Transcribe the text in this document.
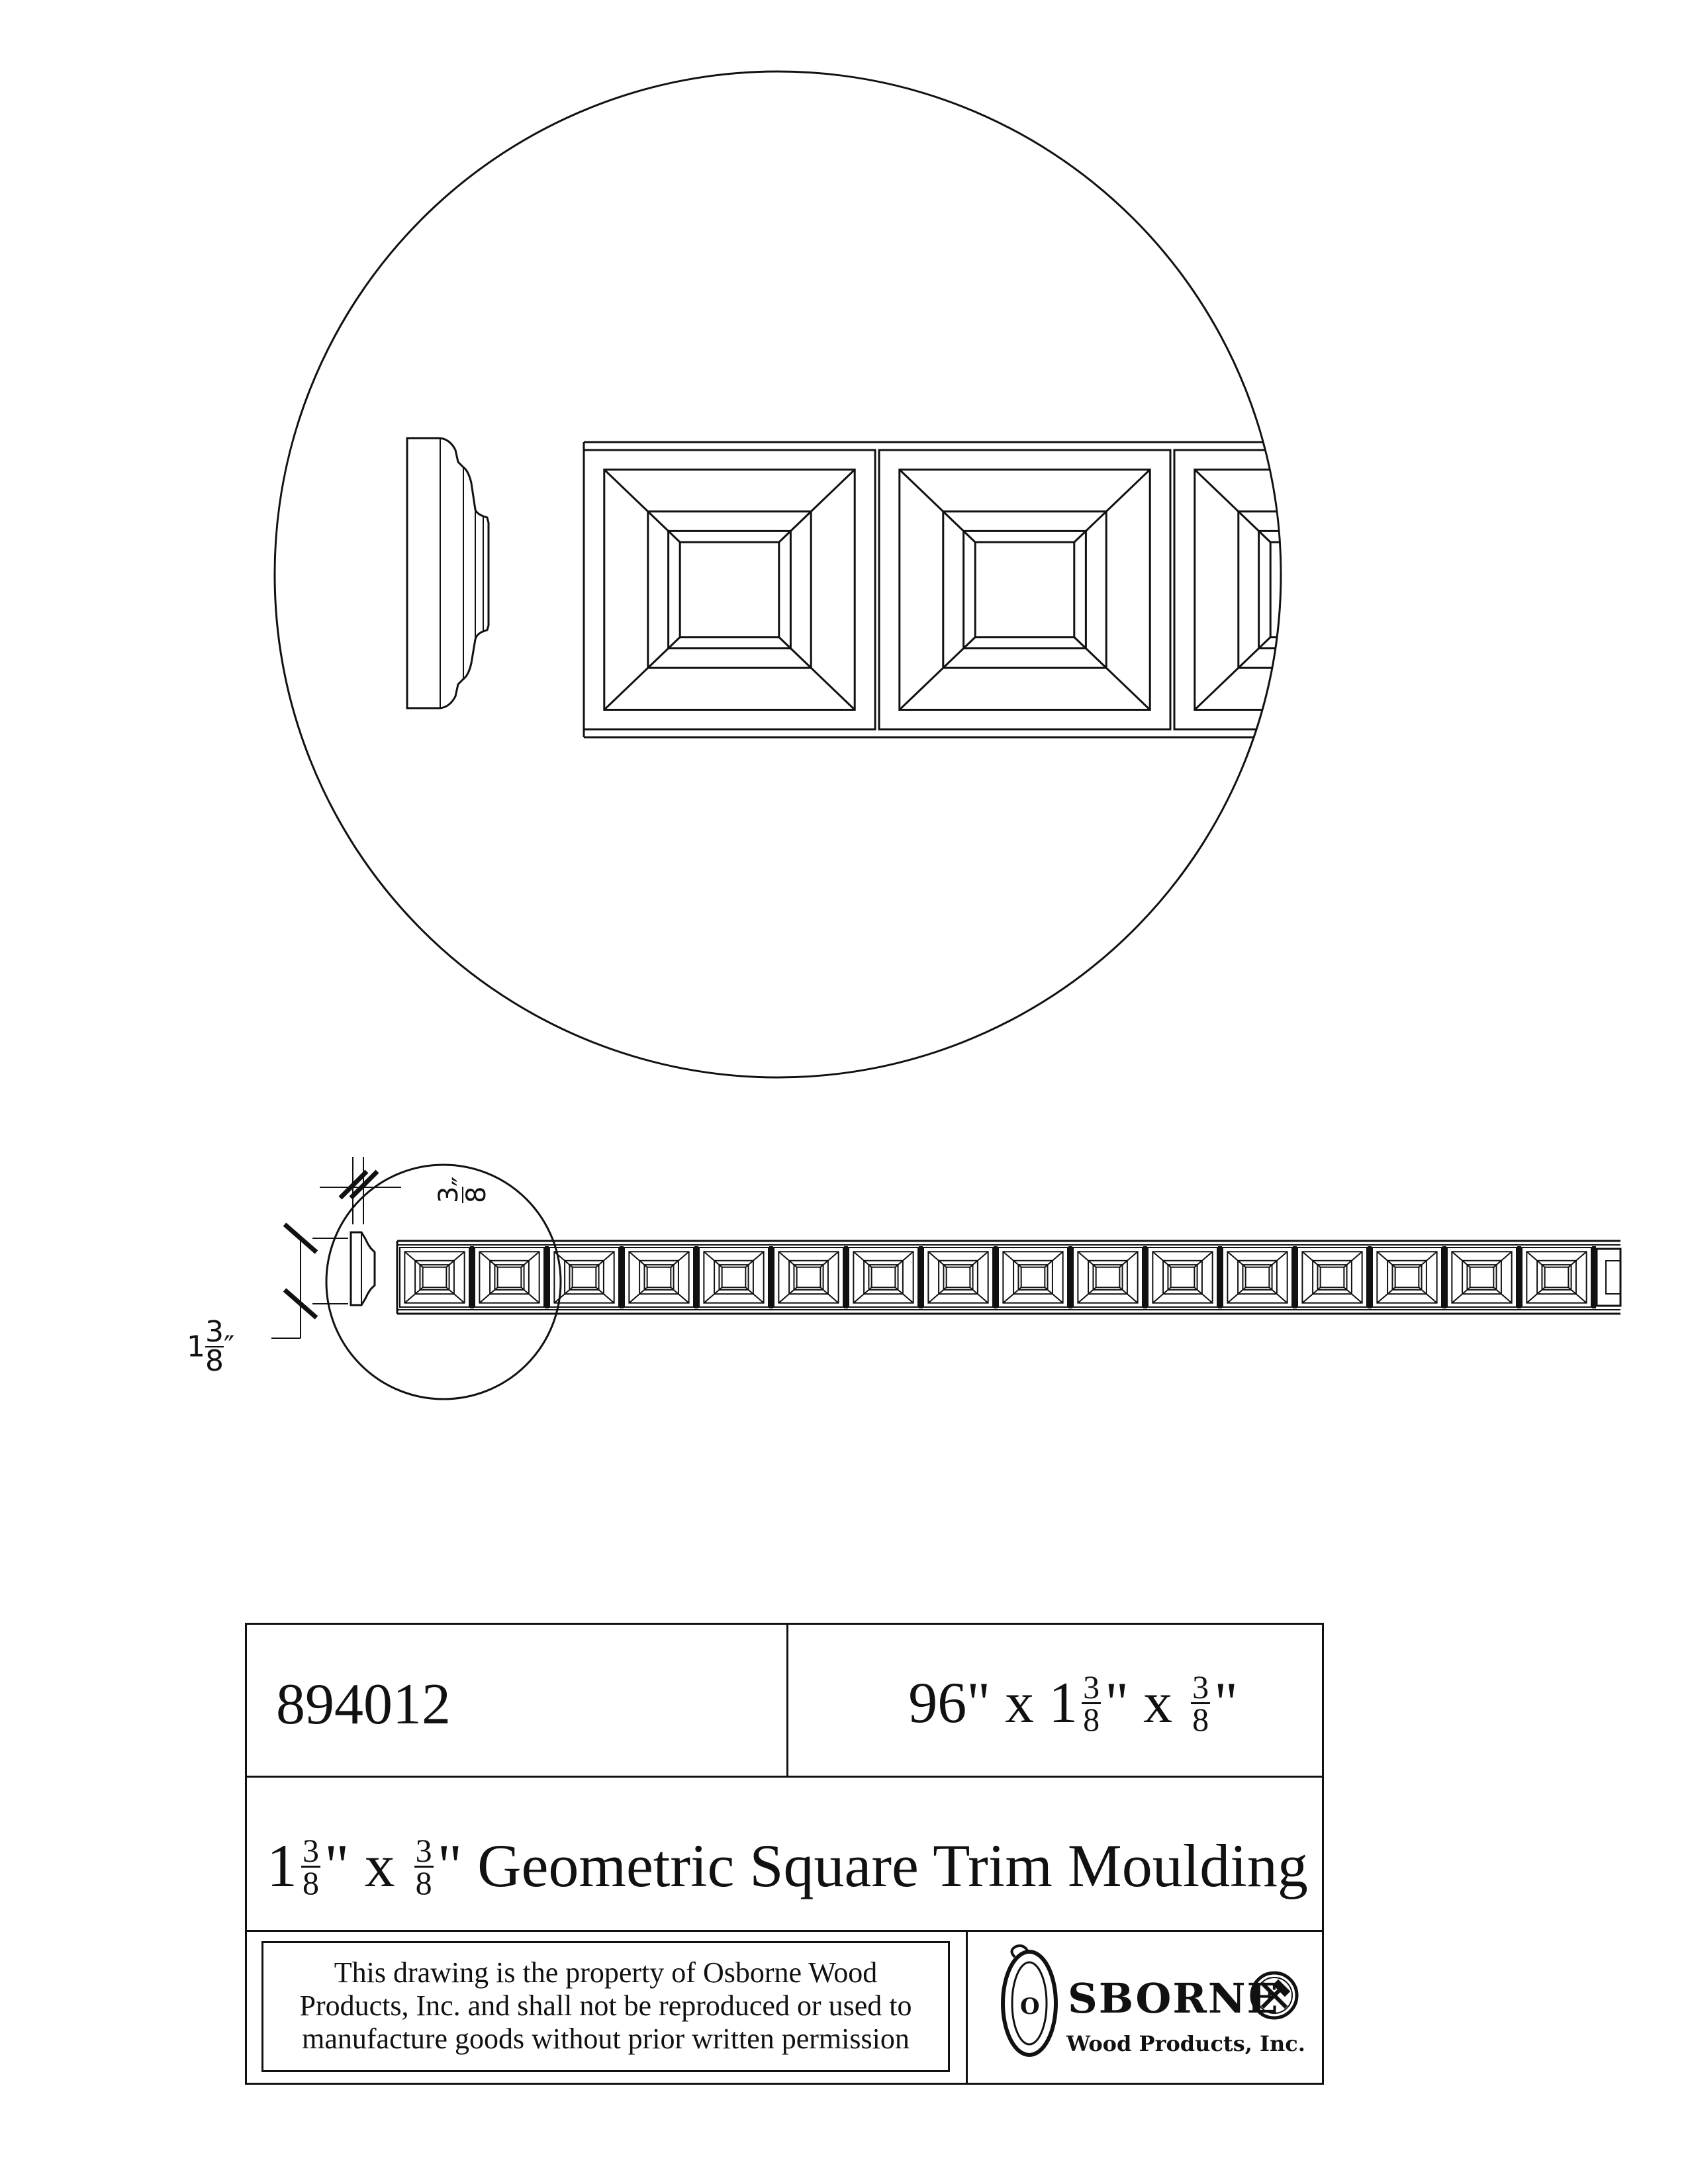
3
8
″
$1 \frac{3}{8}$ ″
894012	96" x $1 \frac{3}{8}$ " x $\frac{3}{8}$ "
$1 \frac{3}{8}$ " x $\frac{3}{8}$ " Geometric Square Trim Moulding
This drawing is the property of Osborne Wood
Products, Inc. and shall not be reproduced or used to
manufacture goods without prior written permission
O SBORNE
Wood Products, Inc.
